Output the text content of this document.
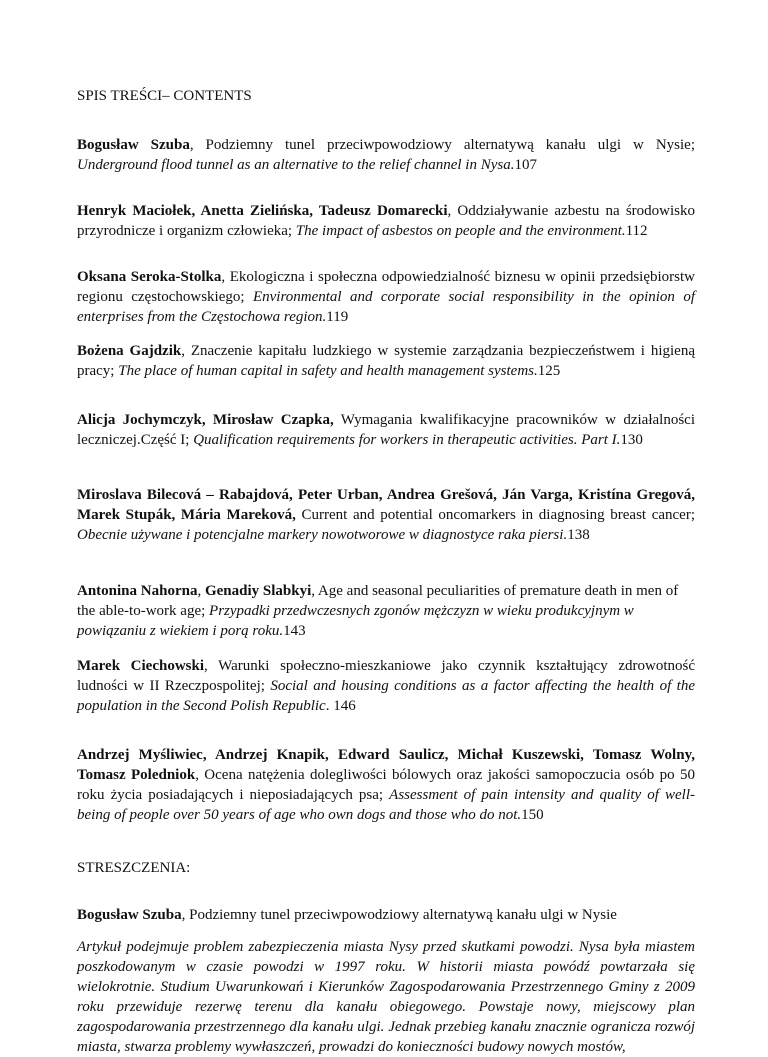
SPIS TREŚCI– CONTENTS
Bogusław Szuba, Podziemny tunel przeciwpowodziowy alternatywą kanału ulgi w Nysie; Underground flood tunnel as an alternative to the relief channel in Nysa.107
Henryk Maciołek, Anetta Zielińska, Tadeusz Domarecki, Oddziaływanie azbestu na środowisko przyrodnicze i organizm człowieka; The impact of asbestos on people and the environment.112
Oksana Seroka-Stolka, Ekologiczna i społeczna odpowiedzialność biznesu w opinii przedsiębiorstw regionu częstochowskiego; Environmental and corporate social responsibility in the opinion of enterprises from the Częstochowa region.119
Bożena Gajdzik, Znaczenie kapitału ludzkiego w systemie zarządzania bezpieczeństwem i higieną pracy; The place of human capital in safety and health management systems.125
Alicja Jochymczyk, Mirosław Czapka, Wymagania kwalifikacyjne pracowników w działalności leczniczej.Część I; Qualification requirements for workers in therapeutic activities. Part I.130
Miroslava Bilecová – Rabajdová, Peter Urban, Andrea Grešová, Ján Varga, Kristína Gregová, Marek Stupák, Mária Mareková, Current and potential oncomarkers in diagnosing breast cancer; Obecnie używane i potencjalne markery nowotworowe w diagnostyce raka piersi.138
Antonina Nahorna, Genadiy Slabkyi, Age and seasonal peculiarities of premature death in men of the able-to-work age; Przypadki przedwczesnych zgonów mężczyzn w wieku produkcyjnym w powiązaniu z wiekiem i porą roku.143
Marek Ciechowski, Warunki społeczno-mieszkaniowe jako czynnik kształtujący zdrowotność ludności w II Rzeczpospolitej; Social and housing conditions as a factor affecting the health of the population in the Second Polish Republic. 146
Andrzej Myśliwiec, Andrzej Knapik, Edward Saulicz, Michał Kuszewski, Tomasz Wolny, Tomasz Poledniok, Ocena natężenia dolegliwości bólowych oraz jakości samopoczucia osób po 50 roku życia posiadających i nieposiadających psa; Assessment of pain intensity and quality of well-being of people over 50 years of age who own dogs and those who do not.150
STRESZCZENIA:
Bogusław Szuba, Podziemny tunel przeciwpowodziowy alternatywą kanału ulgi w Nysie
Artykuł podejmuje problem zabezpieczenia miasta Nysy przed skutkami powodzi. Nysa była miastem poszkodowanym w czasie powodzi w 1997 roku. W historii miasta powódź powtarzała się wielokrotnie. Studium Uwarunkowań i Kierunków Zagospodarowania Przestrzennego Gminy z 2009 roku przewiduje rezerwę terenu dla kanału obiegowego. Powstaje nowy, miejscowy plan zagospodarowania przestrzennego dla kanału ulgi. Jednak przebieg kanału znacznie ogranicza rozwój miasta, stwarza problemy wywłaszczeń, prowadzi do konieczności budowy nowych mostów,
